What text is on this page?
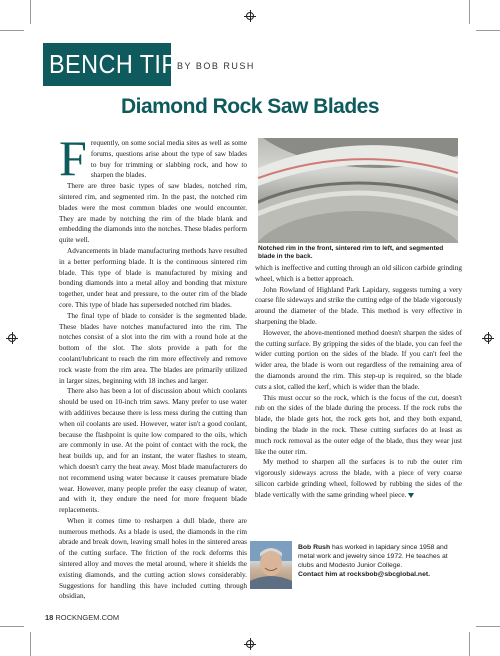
BENCH TIPS
BY BOB RUSH
Diamond Rock Saw Blades

Frequently, on some social media sites as well as some forums, questions arise about the type of saw blades to buy for trimming or slabbing rock, and how to sharpen the blades.

There are three basic types of saw blades, notched rim, sintered rim, and segmented rim. In the past, the notched rim blades were the most common blades one would encounter. They are made by notching the rim of the blade blank and embedding the diamonds into the notches. These blades perform quite well.

Advancements in blade manufacturing methods have resulted in a better performing blade. It is the continuous sintered rim blade. This type of blade is manufactured by mixing and bonding diamonds into a metal alloy and bonding that mixture together, under heat and pressure, to the outer rim of the blade core. This type of blade has superseded notched rim blades.

The final type of blade to consider is the segmented blade. These blades have notches manufactured into the rim. The notches consist of a slot into the rim with a round hole at the bottom of the slot. The slots provide a path for the coolant/lubricant to reach the rim more effectively and remove rock waste from the rim area. The blades are primarily utilized in larger sizes, beginning with 18 inches and larger.

There also has been a lot of discussion about which coolants should be used on 10-inch trim saws. Many prefer to use water with additives because there is less mess during the cutting than when oil coolants are used. However, water isn't a good coolant, because the flashpoint is quite low compared to the oils, which are commonly in use. At the point of contact with the rock, the heat builds up, and for an instant, the water flashes to steam, which doesn't carry the heat away. Most blade manufacturers do not recommend using water because it causes premature blade wear. However, many people prefer the easy cleanup of water, and with it, they endure the need for more frequent blade replacements.

When it comes time to resharpen a dull blade, there are numerous methods. As a blade is used, the diamonds in the rim abrade and break down, leaving small holes in the sintered areas of the cutting surface. The friction of the rock deforms this sintered alloy and moves the metal around, where it shields the existing diamonds, and the cutting action slows considerably. Suggestions for handling this have included cutting through obsidian,

Notched rim in the front, sintered rim to left, and segmented blade in the back.

which is ineffective and cutting through an old silicon carbide grinding wheel, which is a better approach.

John Rowland of Highland Park Lapidary, suggests turning a very coarse file sideways and strike the cutting edge of the blade vigorously around the diameter of the blade. This method is very effective in sharpening the blade.

However, the above-mentioned method doesn't sharpen the sides of the cutting surface. By gripping the sides of the blade, you can feel the wider cutting portion on the sides of the blade. If you can't feel the wider area, the blade is worn out regardless of the remaining area of the diamonds around the rim. This step-up is required, so the blade cuts a slot, called the kerf, which is wider than the blade.

This must occur so the rock, which is the focus of the cut, doesn't rub on the sides of the blade during the process. If the rock rubs the blade, the blade gets hot, the rock gets hot, and they both expand, binding the blade in the rock. These cutting surfaces do at least as much rock removal as the outer edge of the blade, thus they wear just like the outer rim.

My method to sharpen all the surfaces is to rub the outer rim vigorously sideways across the blade, with a piece of very coarse silicon carbide grinding wheel, followed by rubbing the sides of the blade vertically with the same grinding wheel piece.

Bob Rush has worked in lapidary since 1958 and metal work and jewelry since 1972. He teaches at clubs and Modesto Junior College.
Contact him at rocksbob@sbcglobal.net.
18 ROCKNGEM.COM
